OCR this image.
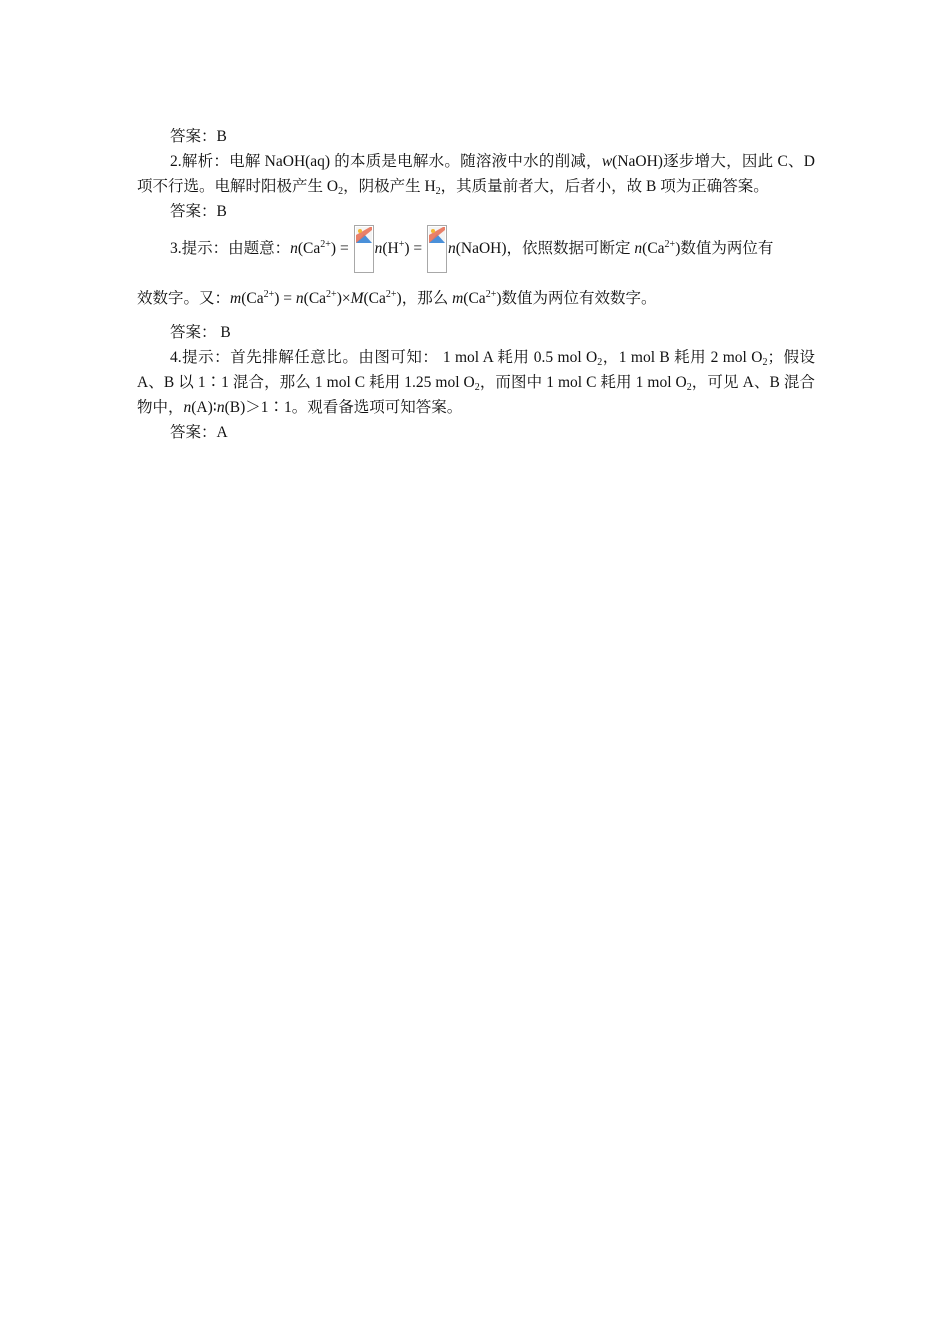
答案：B

2.解析：电解 NaOH(aq) 的本质是电解水。随溶液中水的削减，w(NaOH)逐步增大，因此 C、D 项不行选。电解时阳极产生 $O_2$，阴极产生 $H_2$，其质量前者大，后者小，故 B 项为正确答案。

答案：B

3.提示：由题意：$n(Ca^{2+})$ =
n(H+) =
n(NaOH)，依照数据可断定 $n(Ca^{2+})$数值为两位有
效数字。又：$m(Ca^{2+}) = n(Ca^{2+})\times M(Ca^{2+})$，那么 $m(Ca^{2+})$数值为两位有效数字。

答案： B

4.提示：首先排解任意比。由图可知： 1 mol A 耗用 0.5 mol $O_2$，1 mol B 耗用 2 mol $O_2$；假设 A、B 以 1∶1 混合，那么 1 mol C 耗用 1.25 mol $O_2$，而图中 1 mol C 耗用 1 mol $O_2$，可见 A、B 混合物中，n(A)∶n(B)＞1∶1。观看备选项可知答案。

答案：A
